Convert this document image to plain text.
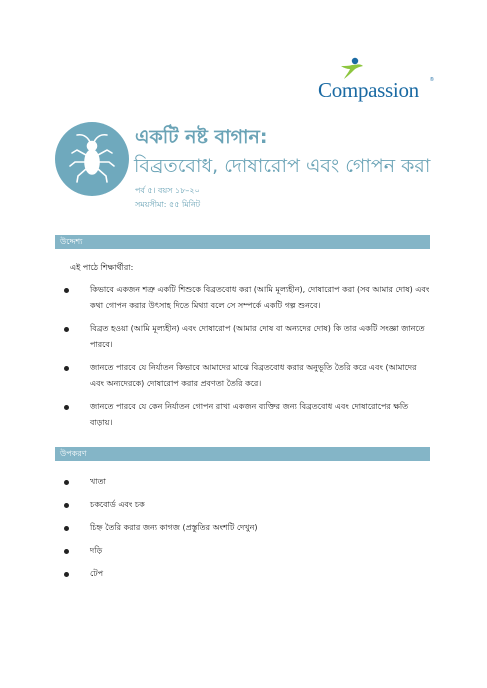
Compassion ®
একটি নষ্ট বাগান:
বিব্রতবোধ, দোষারোপ এবং গোপন করা
পর্ব ৫। বয়স ১৮–২০
সময়সীমা: ৫৫ মিনিট
উদ্দেশ্য
এই পাঠে শিক্ষার্থীরা:
কিভাবে একজন শত্রু একটি শিশুকে বিব্রতবোধ করা (আমি মূল্যহীন), দোষারোপ করা (সব আমার দোষ) এবং কথা গোপন করার উৎসাহ দিতে মিথ্যা বলে সে সম্পর্কে একটি গল্প শুনবে।
বিব্রত হওয়া (আমি মূল্যহীন) এবং দোষারোপ (আমার দোষ বা অন্যদের দোষ) কি তার একটি সংজ্ঞা জানতে পারবে।
জানতে পারবে যে নির্যাতন কিভাবে আমাদের মাঝে বিব্রতবোধ করার অনুভূতি তৈরি করে এবং (আমাদের এবং অন্যদেরকে) দোষারোপ করার প্রবণতা তৈরি করে।
জানতে পারবে যে কেন নির্যাতন গোপন রাখা একজন ব্যক্তির জন্য বিব্রতবোধ এবং দোষারোপের ক্ষতি বাড়ায়।
উপকরণ
খাতা
চকবোর্ড এবং চক
চিহ্ন তৈরি করার জন্য কাগজ (প্রস্তুতির অংশটি দেখুন)
দড়ি
টেপ
